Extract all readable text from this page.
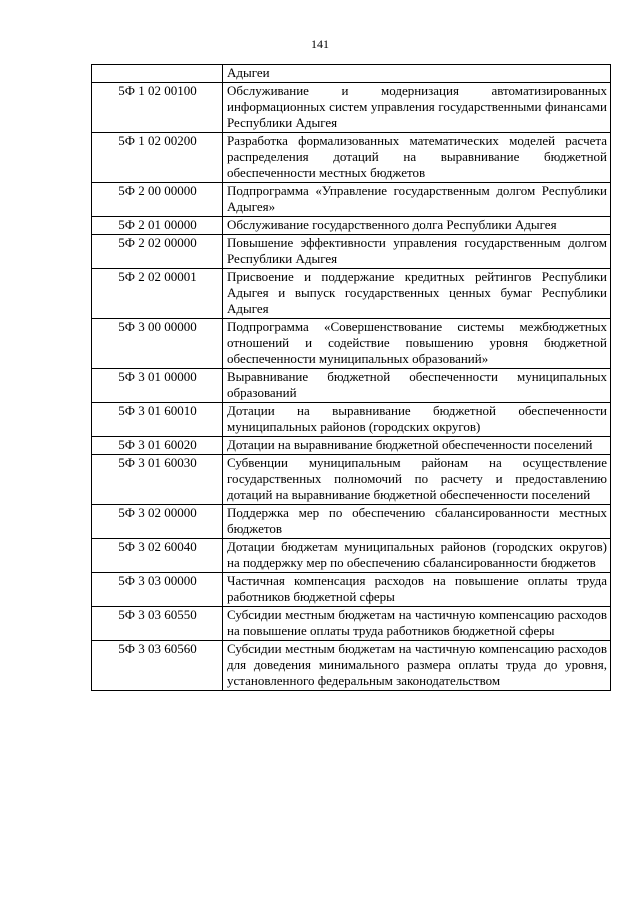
141
	Адыгеи
5Ф 1 02 00100	Обслуживание и модернизация автоматизированных информационных систем управления государственными финансами Республики Адыгея
5Ф 1 02 00200	Разработка формализованных математических моделей расчета распределения дотаций на выравнивание бюджетной обеспеченности местных бюджетов
5Ф 2 00 00000	Подпрограмма «Управление государственным долгом Республики Адыгея»
5Ф 2 01 00000	Обслуживание государственного долга Республики Адыгея
5Ф 2 02 00000	Повышение эффективности управления государственным долгом Республики Адыгея
5Ф 2 02 00001	Присвоение и поддержание кредитных рейтингов Республики Адыгея и выпуск государственных ценных бумаг Республики Адыгея
5Ф 3 00 00000	Подпрограмма «Совершенствование системы межбюджетных отношений и содействие повышению уровня бюджетной обеспеченности муниципальных образований»
5Ф 3 01 00000	Выравнивание бюджетной обеспеченности муниципальных образований
5Ф 3 01 60010	Дотации на выравнивание бюджетной обеспеченности муниципальных районов (городских округов)
5Ф 3 01 60020	Дотации на выравнивание бюджетной обеспеченности поселений
5Ф 3 01 60030	Субвенции муниципальным районам на осуществление государственных полномочий по расчету и предоставлению дотаций на выравнивание бюджетной обеспеченности поселений
5Ф 3 02 00000	Поддержка мер по обеспечению сбалансированности местных бюджетов
5Ф 3 02 60040	Дотации бюджетам муниципальных районов (городских округов) на поддержку мер по обеспечению сбалансированности бюджетов
5Ф 3 03 00000	Частичная компенсация расходов на повышение оплаты труда работников бюджетной сферы
5Ф 3 03 60550	Субсидии местным бюджетам на частичную компенсацию расходов на повышение оплаты труда работников бюджетной сферы
5Ф 3 03 60560	Субсидии местным бюджетам на частичную компенсацию расходов для доведения минимального размера оплаты труда до уровня, установленного федеральным законодательством
